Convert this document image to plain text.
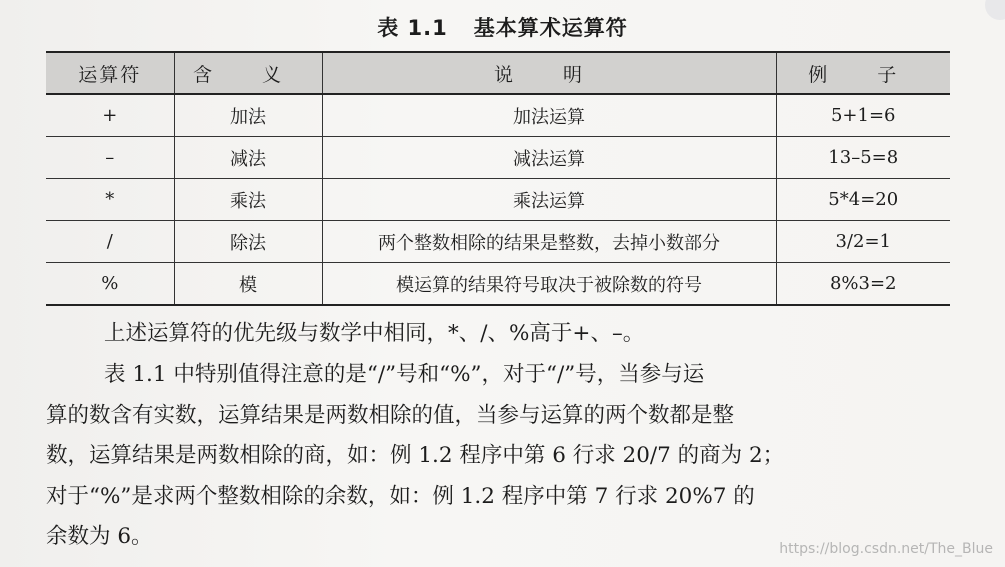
表 1.1 基本算术运算符
运算符	含 义	说 明	例 子
+	加法	加法运算	5+1=6
–	减法	减法运算	13–5=8
*	乘法	乘法运算	5*4=20
/	除法	两个整数相除的结果是整数，去掉小数部分	3/2=1
%	模	模运算的结果符号取决于被除数的符号	8%3=2
上述运算符的优先级与数学中相同，*、/、%高于+、–。
表 1.1 中特别值得注意的是“/”号和“%”，对于“/”号，当参与运
算的数含有实数，运算结果是两数相除的值，当参与运算的两个数都是整
数，运算结果是两数相除的商，如：例 1.2 程序中第 6 行求 20/7 的商为 2；
对于“%”是求两个整数相除的余数，如：例 1.2 程序中第 7 行求 20%7 的
余数为 6。	https://blog.csdn.net/The_Blue
